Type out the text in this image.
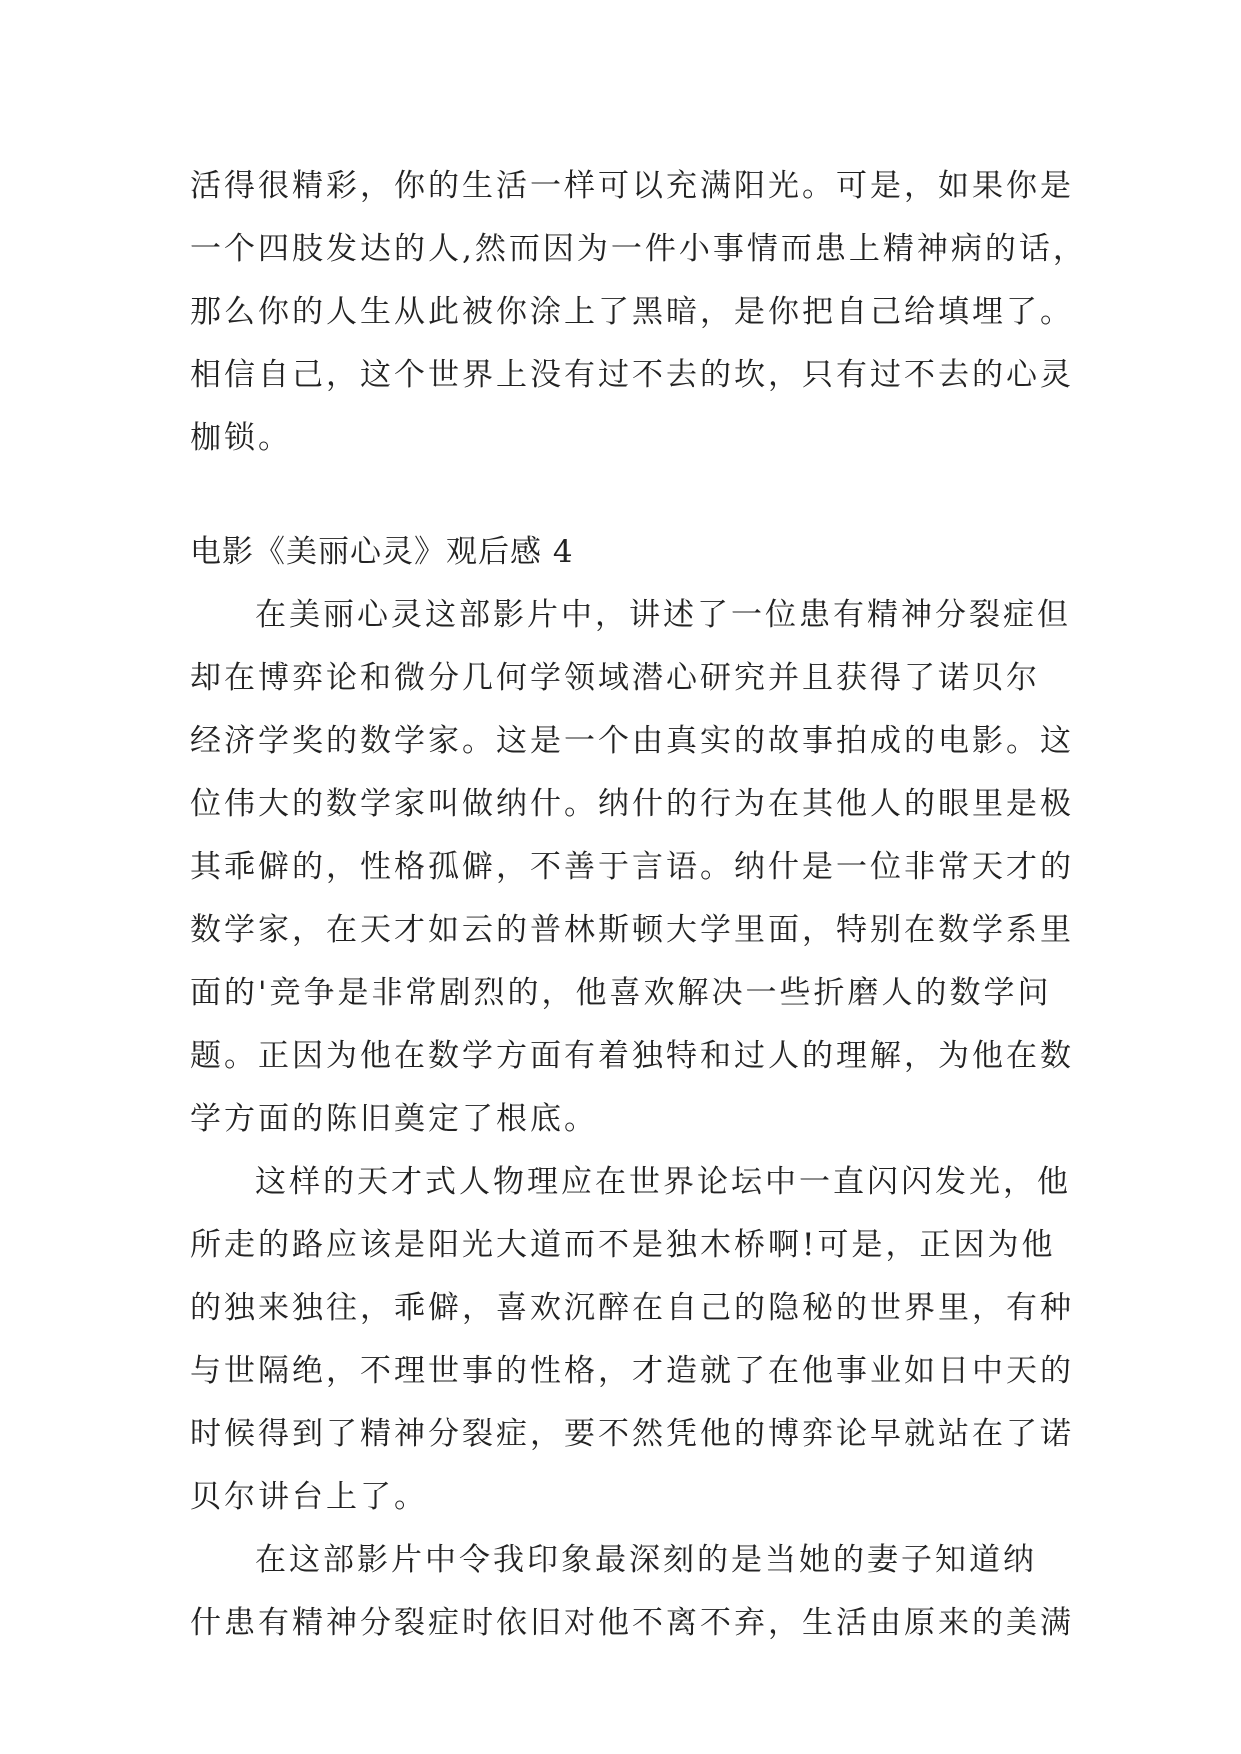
活得很精彩，你的生活一样可以充满阳光。可是，如果你是
一个四肢发达的人,然而因为一件小事情而患上精神病的话，
那么你的人生从此被你涂上了黑暗，是你把自己给填埋了。
相信自己，这个世界上没有过不去的坎，只有过不去的心灵
枷锁。
电影《美丽心灵》观后感 4
在美丽心灵这部影片中，讲述了一位患有精神分裂症但
却在博弈论和微分几何学领域潜心研究并且获得了诺贝尔
经济学奖的数学家。这是一个由真实的故事拍成的电影。这
位伟大的数学家叫做纳什。纳什的行为在其他人的眼里是极
其乖僻的，性格孤僻，不善于言语。纳什是一位非常天才的
数学家，在天才如云的普林斯顿大学里面，特别在数学系里
面的'竞争是非常剧烈的，他喜欢解决一些折磨人的数学问
题。正因为他在数学方面有着独特和过人的理解，为他在数
学方面的陈旧奠定了根底。
这样的天才式人物理应在世界论坛中一直闪闪发光，他
所走的路应该是阳光大道而不是独木桥啊!可是，正因为他
的独来独往，乖僻，喜欢沉醉在自己的隐秘的世界里，有种
与世隔绝，不理世事的性格，才造就了在他事业如日中天的
时候得到了精神分裂症，要不然凭他的博弈论早就站在了诺
贝尔讲台上了。
在这部影片中令我印象最深刻的是当她的妻子知道纳
什患有精神分裂症时依旧对他不离不弃，生活由原来的美满
